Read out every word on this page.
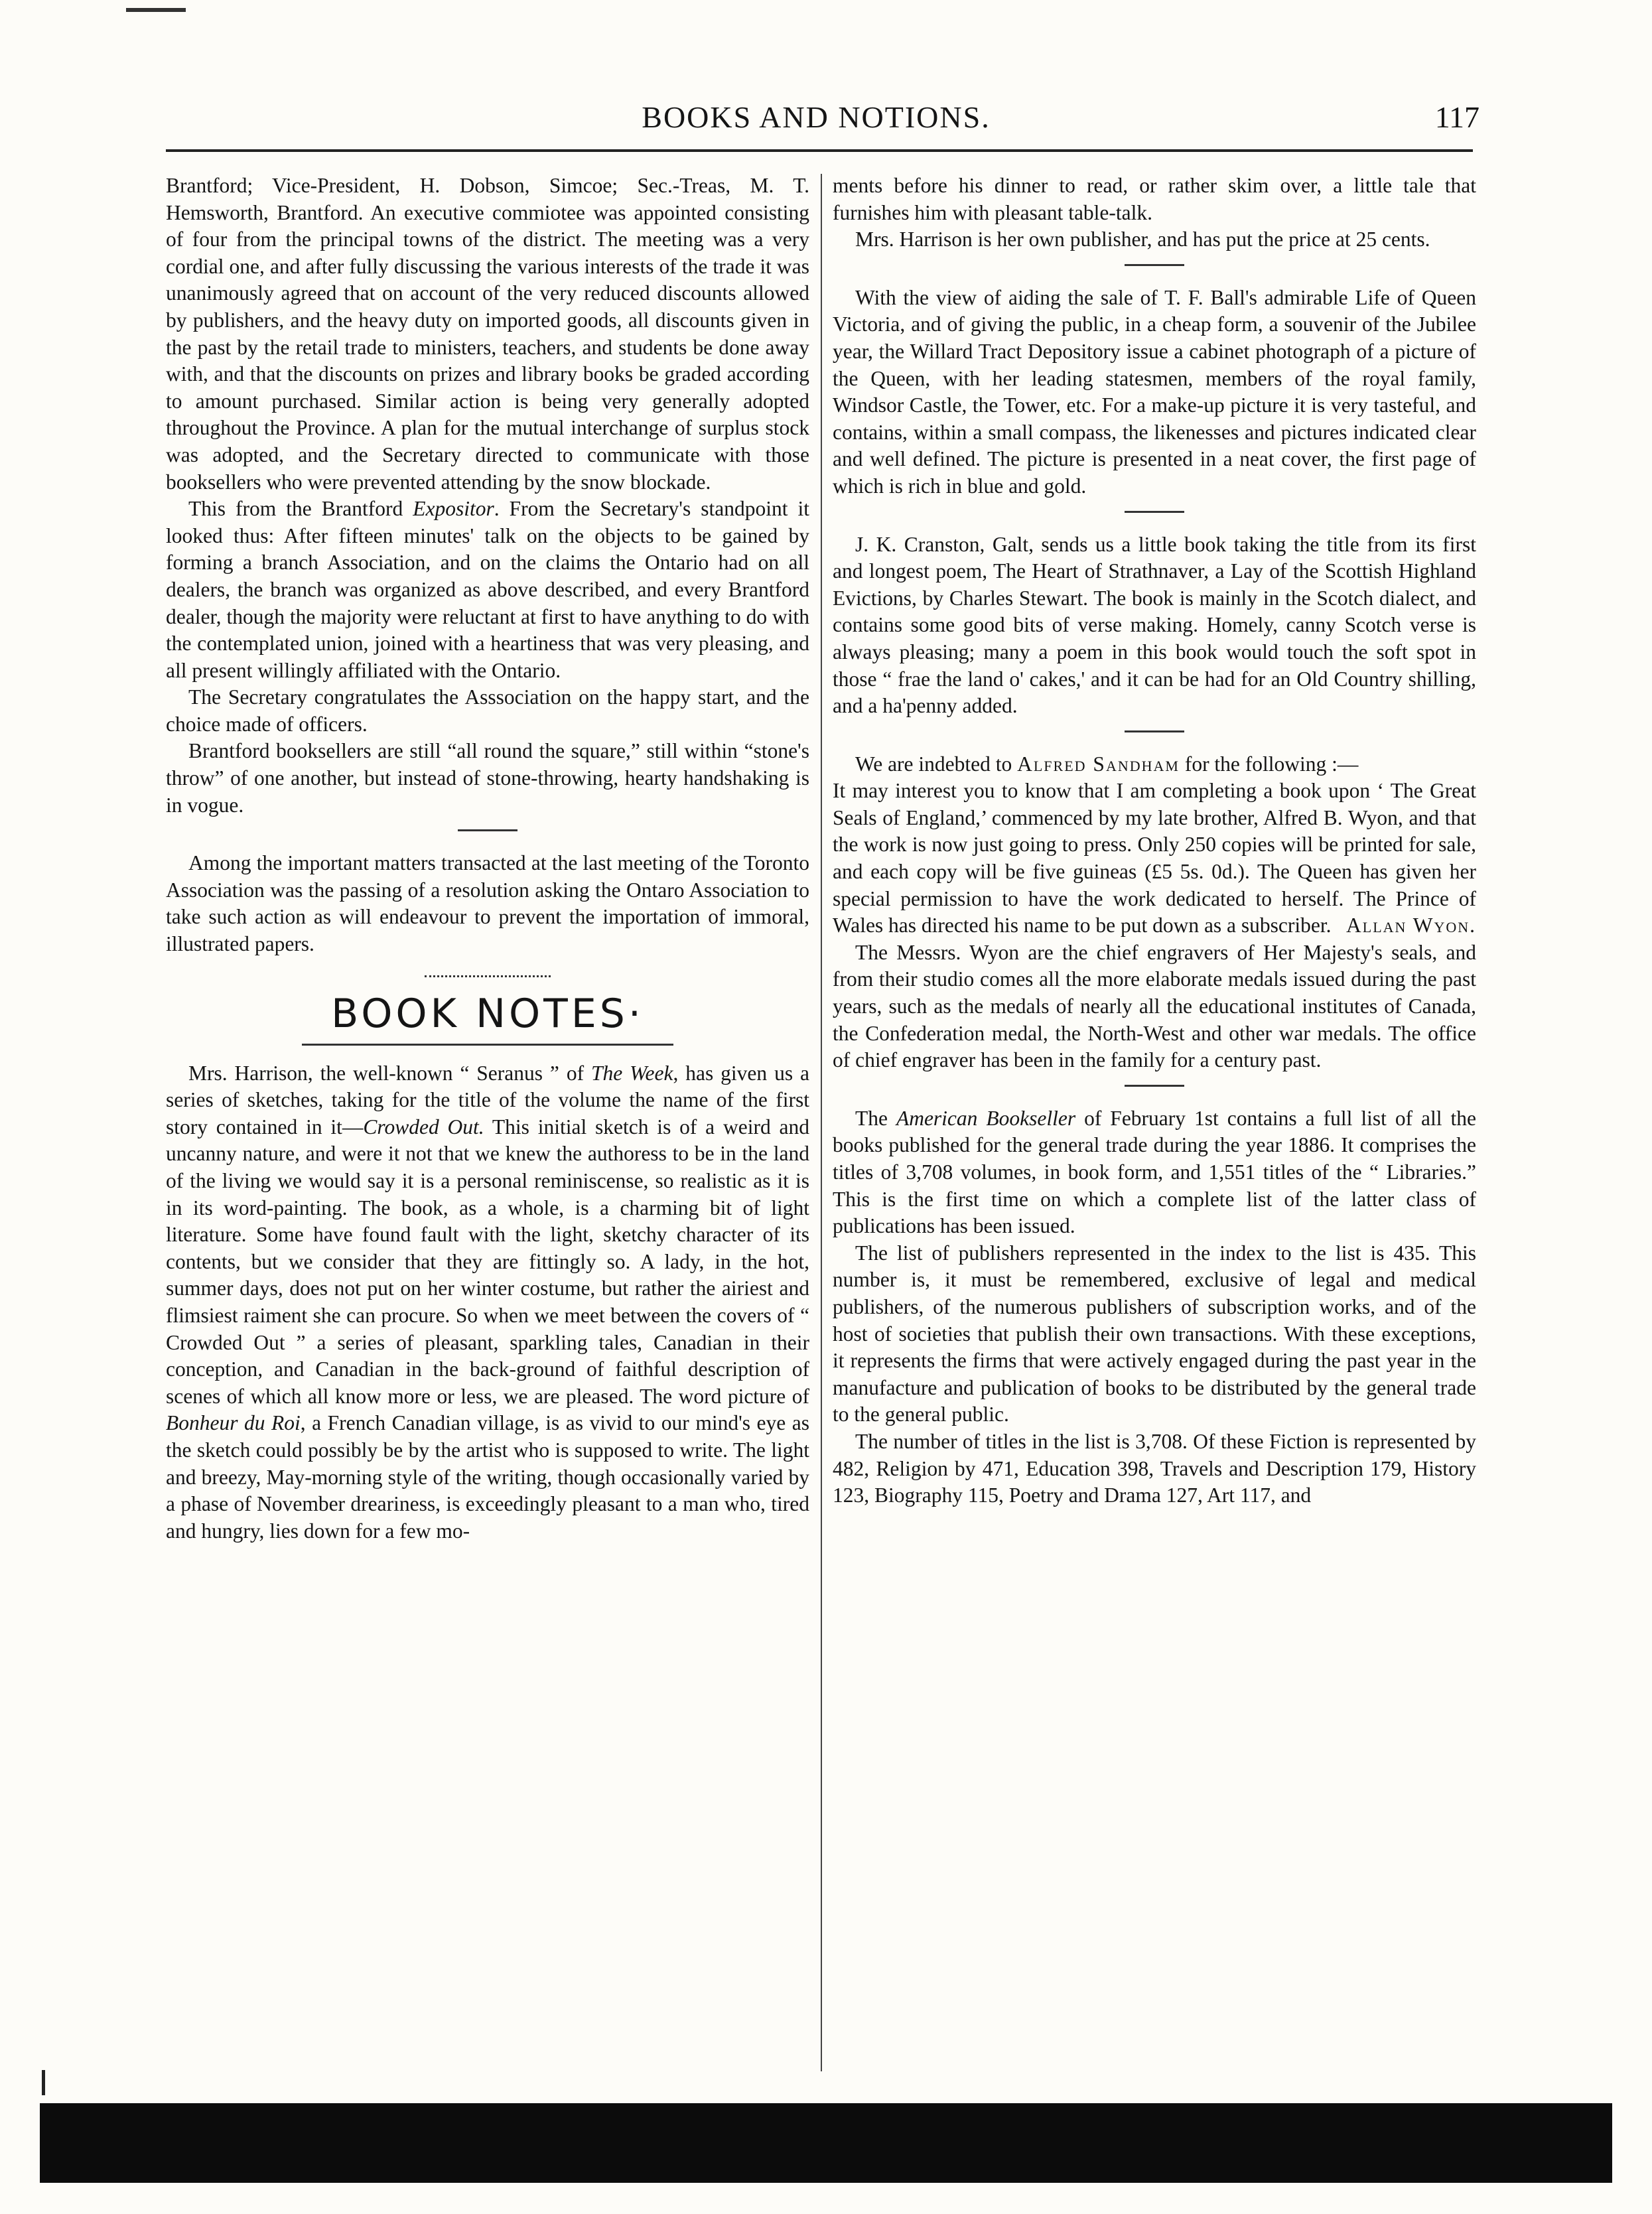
BOOKS AND NOTIONS.	117

Brantford; Vice-President, H. Dobson, Simcoe; Sec.-Treas, M. T. Hemsworth, Brantford. An executive commiotee was appointed consisting of four from the principal towns of the district. The meeting was a very cordial one, and after fully discussing the various interests of the trade it was unanimously agreed that on account of the very reduced discounts allowed by publishers, and the heavy duty on imported goods, all discounts given in the past by the retail trade to ministers, teachers, and students be done away with, and that the discounts on prizes and library books be graded according to amount purchased. Similar action is being very generally adopted throughout the Province. A plan for the mutual interchange of surplus stock was adopted, and the Secretary directed to communicate with those booksellers who were prevented attending by the snow blockade.

This from the Brantford Expositor. From the Secretary's standpoint it looked thus: After fifteen minutes' talk on the objects to be gained by forming a branch Association, and on the claims the Ontario had on all dealers, the branch was organized as above described, and every Brantford dealer, though the majority were reluctant at first to have anything to do with the contemplated union, joined with a heartiness that was very pleasing, and all present willingly affiliated with the Ontario.

The Secretary congratulates the Asssociation on the happy start, and the choice made of officers.

Brantford booksellers are still “all round the square,” still within “stone's throw” of one another, but instead of stone-throwing, hearty handshaking is in vogue.

Among the important matters transacted at the last meeting of the Toronto Association was the passing of a resolution asking the Ontaro Association to take such action as will endeavour to prevent the importation of immoral, illustrated papers.

BOOK NOTES·

Mrs. Harrison, the well-known “ Seranus ” of The Week, has given us a series of sketches, taking for the title of the volume the name of the first story contained in it—Crowded Out. This initial sketch is of a weird and uncanny nature, and were it not that we knew the authoress to be in the land of the living we would say it is a personal reminiscense, so realistic as it is in its word-painting. The book, as a whole, is a charming bit of light literature. Some have found fault with the light, sketchy character of its contents, but we consider that they are fittingly so. A lady, in the hot, summer days, does not put on her winter costume, but rather the airiest and flimsiest raiment she can procure. So when we meet between the covers of “ Crowded Out ” a series of pleasant, sparkling tales, Canadian in their conception, and Canadian in the back-ground of faithful description of scenes of which all know more or less, we are pleased. The word picture of Bonheur du Roi, a French Canadian village, is as vivid to our mind's eye as the sketch could possibly be by the artist who is supposed to write. The light and breezy, May-morning style of the writing, though occasionally varied by a phase of November dreariness, is exceedingly pleasant to a man who, tired and hungry, lies down for a few mo-

ments before his dinner to read, or rather skim over, a little tale that furnishes him with pleasant table-talk.

Mrs. Harrison is her own publisher, and has put the price at 25 cents.

With the view of aiding the sale of T. F. Ball's admirable Life of Queen Victoria, and of giving the public, in a cheap form, a souvenir of the Jubilee year, the Willard Tract Depository issue a cabinet photograph of a picture of the Queen, with her leading statesmen, members of the royal family, Windsor Castle, the Tower, etc. For a make-up picture it is very tasteful, and contains, within a small compass, the likenesses and pictures indicated clear and well defined. The picture is presented in a neat cover, the first page of which is rich in blue and gold.

J. K. Cranston, Galt, sends us a little book taking the title from its first and longest poem, The Heart of Strathnaver, a Lay of the Scottish Highland Evictions, by Charles Stewart. The book is mainly in the Scotch dialect, and contains some good bits of verse making. Homely, canny Scotch verse is always pleasing; many a poem in this book would touch the soft spot in those “ frae the land o' cakes,' and it can be had for an Old Country shilling, and a ha'penny added.

We are indebted to Alfred Sandham for the following :—

It may interest you to know that I am completing a book upon ‘ The Great Seals of England,’ commenced by my late brother, Alfred B. Wyon, and that the work is now just going to press. Only 250 copies will be printed for sale, and each copy will be five guineas (£5 5s. 0d.). The Queen has given her special permission to have the work dedicated to herself. The Prince of Wales has directed his name to be put down as a subscriber. Allan Wyon.

The Messrs. Wyon are the chief engravers of Her Majesty's seals, and from their studio comes all the more elaborate medals issued during the past years, such as the medals of nearly all the educational institutes of Canada, the Confederation medal, the North-West and other war medals. The office of chief engraver has been in the family for a century past.

The American Bookseller of February 1st contains a full list of all the books published for the general trade during the year 1886. It comprises the titles of 3,708 volumes, in book form, and 1,551 titles of the “ Libraries.” This is the first time on which a complete list of the latter class of publications has been issued.

The list of publishers represented in the index to the list is 435. This number is, it must be remembered, exclusive of legal and medical publishers, of the numerous publishers of subscription works, and of the host of societies that publish their own transactions. With these exceptions, it represents the firms that were actively engaged during the past year in the manufacture and publication of books to be distributed by the general trade to the general public.

The number of titles in the list is 3,708. Of these Fiction is represented by 482, Religion by 471, Education 398, Travels and Description 179, History 123, Biography 115, Poetry and Drama 127, Art 117, and
